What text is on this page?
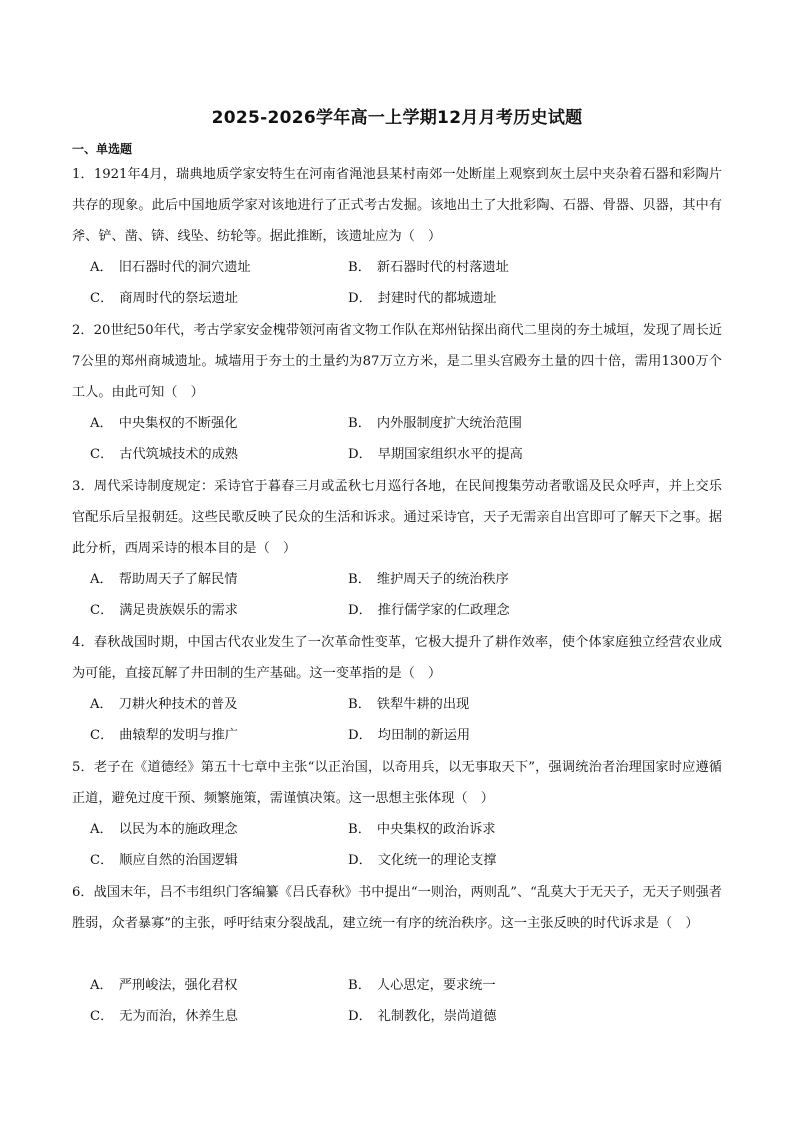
2025-2026学年高一上学期12月月考历史试题
一、单选题
1．1921年4月，瑞典地质学家安特生在河南省渑池县某村南郊一处断崖上观察到灰土层中夹杂着石器和彩陶片共存的现象。此后中国地质学家对该地进行了正式考古发掘。该地出土了大批彩陶、石器、骨器、贝器，其中有斧、铲、凿、锛、线坠、纺轮等。据此推断，该遗址应为（　）
A． 旧石器时代的洞穴遗址	B． 新石器时代的村落遗址
C． 商周时代的祭坛遗址	D． 封建时代的都城遗址
2．20世纪50年代，考古学家安金槐带领河南省文物工作队在郑州钻探出商代二里岗的夯土城垣，发现了周长近7公里的郑州商城遗址。城墙用于夯土的土量约为87万立方米，是二里头宫殿夯土量的四十倍，需用1300万个工人。由此可知（　）
A． 中央集权的不断强化	B． 内外服制度扩大统治范围
C． 古代筑城技术的成熟	D． 早期国家组织水平的提高
3．周代采诗制度规定：采诗官于暮春三月或孟秋七月巡行各地，在民间搜集劳动者歌谣及民众呼声，并上交乐官配乐后呈报朝廷。这些民歌反映了民众的生活和诉求。通过采诗官，天子无需亲自出宫即可了解天下之事。据此分析，西周采诗的根本目的是（　）
A． 帮助周天子了解民情	B． 维护周天子的统治秩序
C． 满足贵族娱乐的需求	D． 推行儒学家的仁政理念
4．春秋战国时期，中国古代农业发生了一次革命性变革，它极大提升了耕作效率，使个体家庭独立经营农业成为可能，直接瓦解了井田制的生产基础。这一变革指的是（　）
A． 刀耕火种技术的普及	B． 铁犁牛耕的出现
C． 曲辕犁的发明与推广	D． 均田制的新运用
5．老子在《道德经》第五十七章中主张“以正治国，以奇用兵，以无事取天下”，强调统治者治理国家时应遵循正道，避免过度干预、频繁施策，需谨慎决策。这一思想主张体现（　）
A． 以民为本的施政理念	B． 中央集权的政治诉求
C． 顺应自然的治国逻辑	D． 文化统一的理论支撑
6．战国末年，吕不韦组织门客编纂《吕氏春秋》书中提出“一则治，两则乱”、“乱莫大于无天子，无天子则强者胜弱，众者暴寡”的主张，呼吁结束分裂战乱，建立统一有序的统治秩序。这一主张反映的时代诉求是（　）
A． 严刑峻法，强化君权	B． 人心思定，要求统一
C． 无为而治，休养生息	D． 礼制教化，崇尚道德
